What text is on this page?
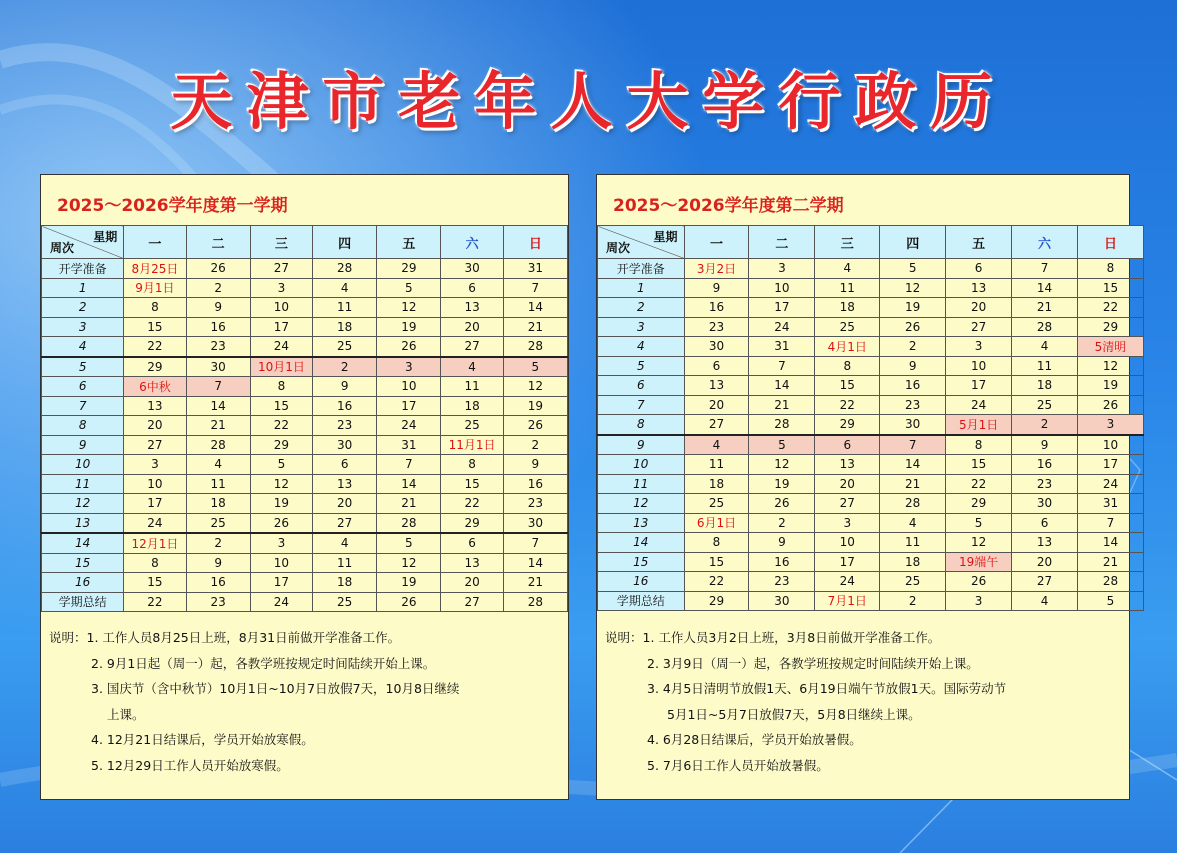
天津市老年人大学行政历
2025～2026学年度第一学期
星期
周次	一	二	三	四	五	六	日
开学准备	8月25日	26	27	28	29	30	31
1	9月1日	2	3	4	5	6	7
2	8	9	10	11	12	13	14
3	15	16	17	18	19	20	21
4	22	23	24	25	26	27	28
5	29	30	10月1日	2	3	4	5
6	6中秋	7	8	9	10	11	12
7	13	14	15	16	17	18	19
8	20	21	22	23	24	25	26
9	27	28	29	30	31	11月1日	2
10	3	4	5	6	7	8	9
11	10	11	12	13	14	15	16
12	17	18	19	20	21	22	23
13	24	25	26	27	28	29	30
14	12月1日	2	3	4	5	6	7
15	8	9	10	11	12	13	14
16	15	16	17	18	19	20	21
学期总结	22	23	24	25	26	27	28
说明：1. 工作人员8月25日上班，8月31日前做开学准备工作。
2. 9月1日起（周一）起，各教学班按规定时间陆续开始上课。
3. 国庆节（含中秋节）10月1日~10月7日放假7天，10月8日继续
上课。
4. 12月21日结课后，学员开始放寒假。
5. 12月29日工作人员开始放寒假。
2025～2026学年度第二学期
星期
周次	一	二	三	四	五	六	日
开学准备	3月2日	3	4	5	6	7	8
1	9	10	11	12	13	14	15
2	16	17	18	19	20	21	22
3	23	24	25	26	27	28	29
4	30	31	4月1日	2	3	4	5清明
5	6	7	8	9	10	11	12
6	13	14	15	16	17	18	19
7	20	21	22	23	24	25	26
8	27	28	29	30	5月1日	2	3
9	4	5	6	7	8	9	10
10	11	12	13	14	15	16	17
11	18	19	20	21	22	23	24
12	25	26	27	28	29	30	31
13	6月1日	2	3	4	5	6	7
14	8	9	10	11	12	13	14
15	15	16	17	18	19端午	20	21
16	22	23	24	25	26	27	28
学期总结	29	30	7月1日	2	3	4	5
说明：1. 工作人员3月2日上班，3月8日前做开学准备工作。
2. 3月9日（周一）起，各教学班按规定时间陆续开始上课。
3. 4月5日清明节放假1天、6月19日端午节放假1天。国际劳动节
5月1日~5月7日放假7天，5月8日继续上课。
4. 6月28日结课后，学员开始放暑假。
5. 7月6日工作人员开始放暑假。
